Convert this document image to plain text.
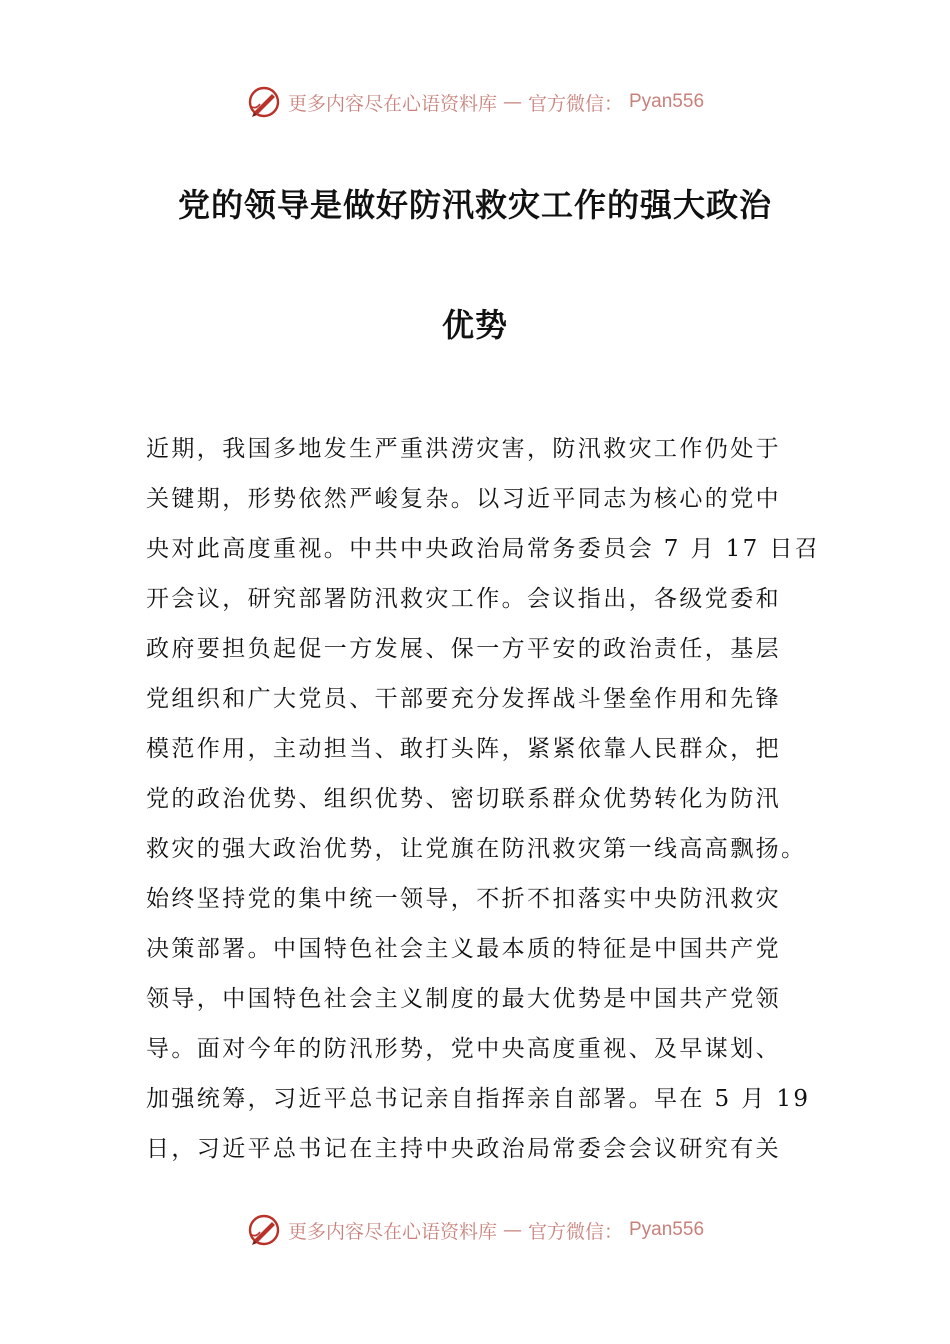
更多内容尽在心语资料库 — 官方微信： Pyan556
党的领导是做好防汛救灾工作的强大政治
优势
近期，我国多地发生严重洪涝灾害，防汛救灾工作仍处于
关键期，形势依然严峻复杂。以习近平同志为核心的党中
央对此高度重视。中共中央政治局常务委员会 7 月 17 日召
开会议，研究部署防汛救灾工作。会议指出，各级党委和
政府要担负起促一方发展、保一方平安的政治责任，基层
党组织和广大党员、干部要充分发挥战斗堡垒作用和先锋
模范作用，主动担当、敢打头阵，紧紧依靠人民群众，把
党的政治优势、组织优势、密切联系群众优势转化为防汛
救灾的强大政治优势，让党旗在防汛救灾第一线高高飘扬。
始终坚持党的集中统一领导，不折不扣落实中央防汛救灾
决策部署。中国特色社会主义最本质的特征是中国共产党
领导，中国特色社会主义制度的最大优势是中国共产党领
导。面对今年的防汛形势，党中央高度重视、及早谋划、
加强统筹，习近平总书记亲自指挥亲自部署。早在 5 月 19
日，习近平总书记在主持中央政治局常委会会议研究有关
更多内容尽在心语资料库 — 官方微信： Pyan556
